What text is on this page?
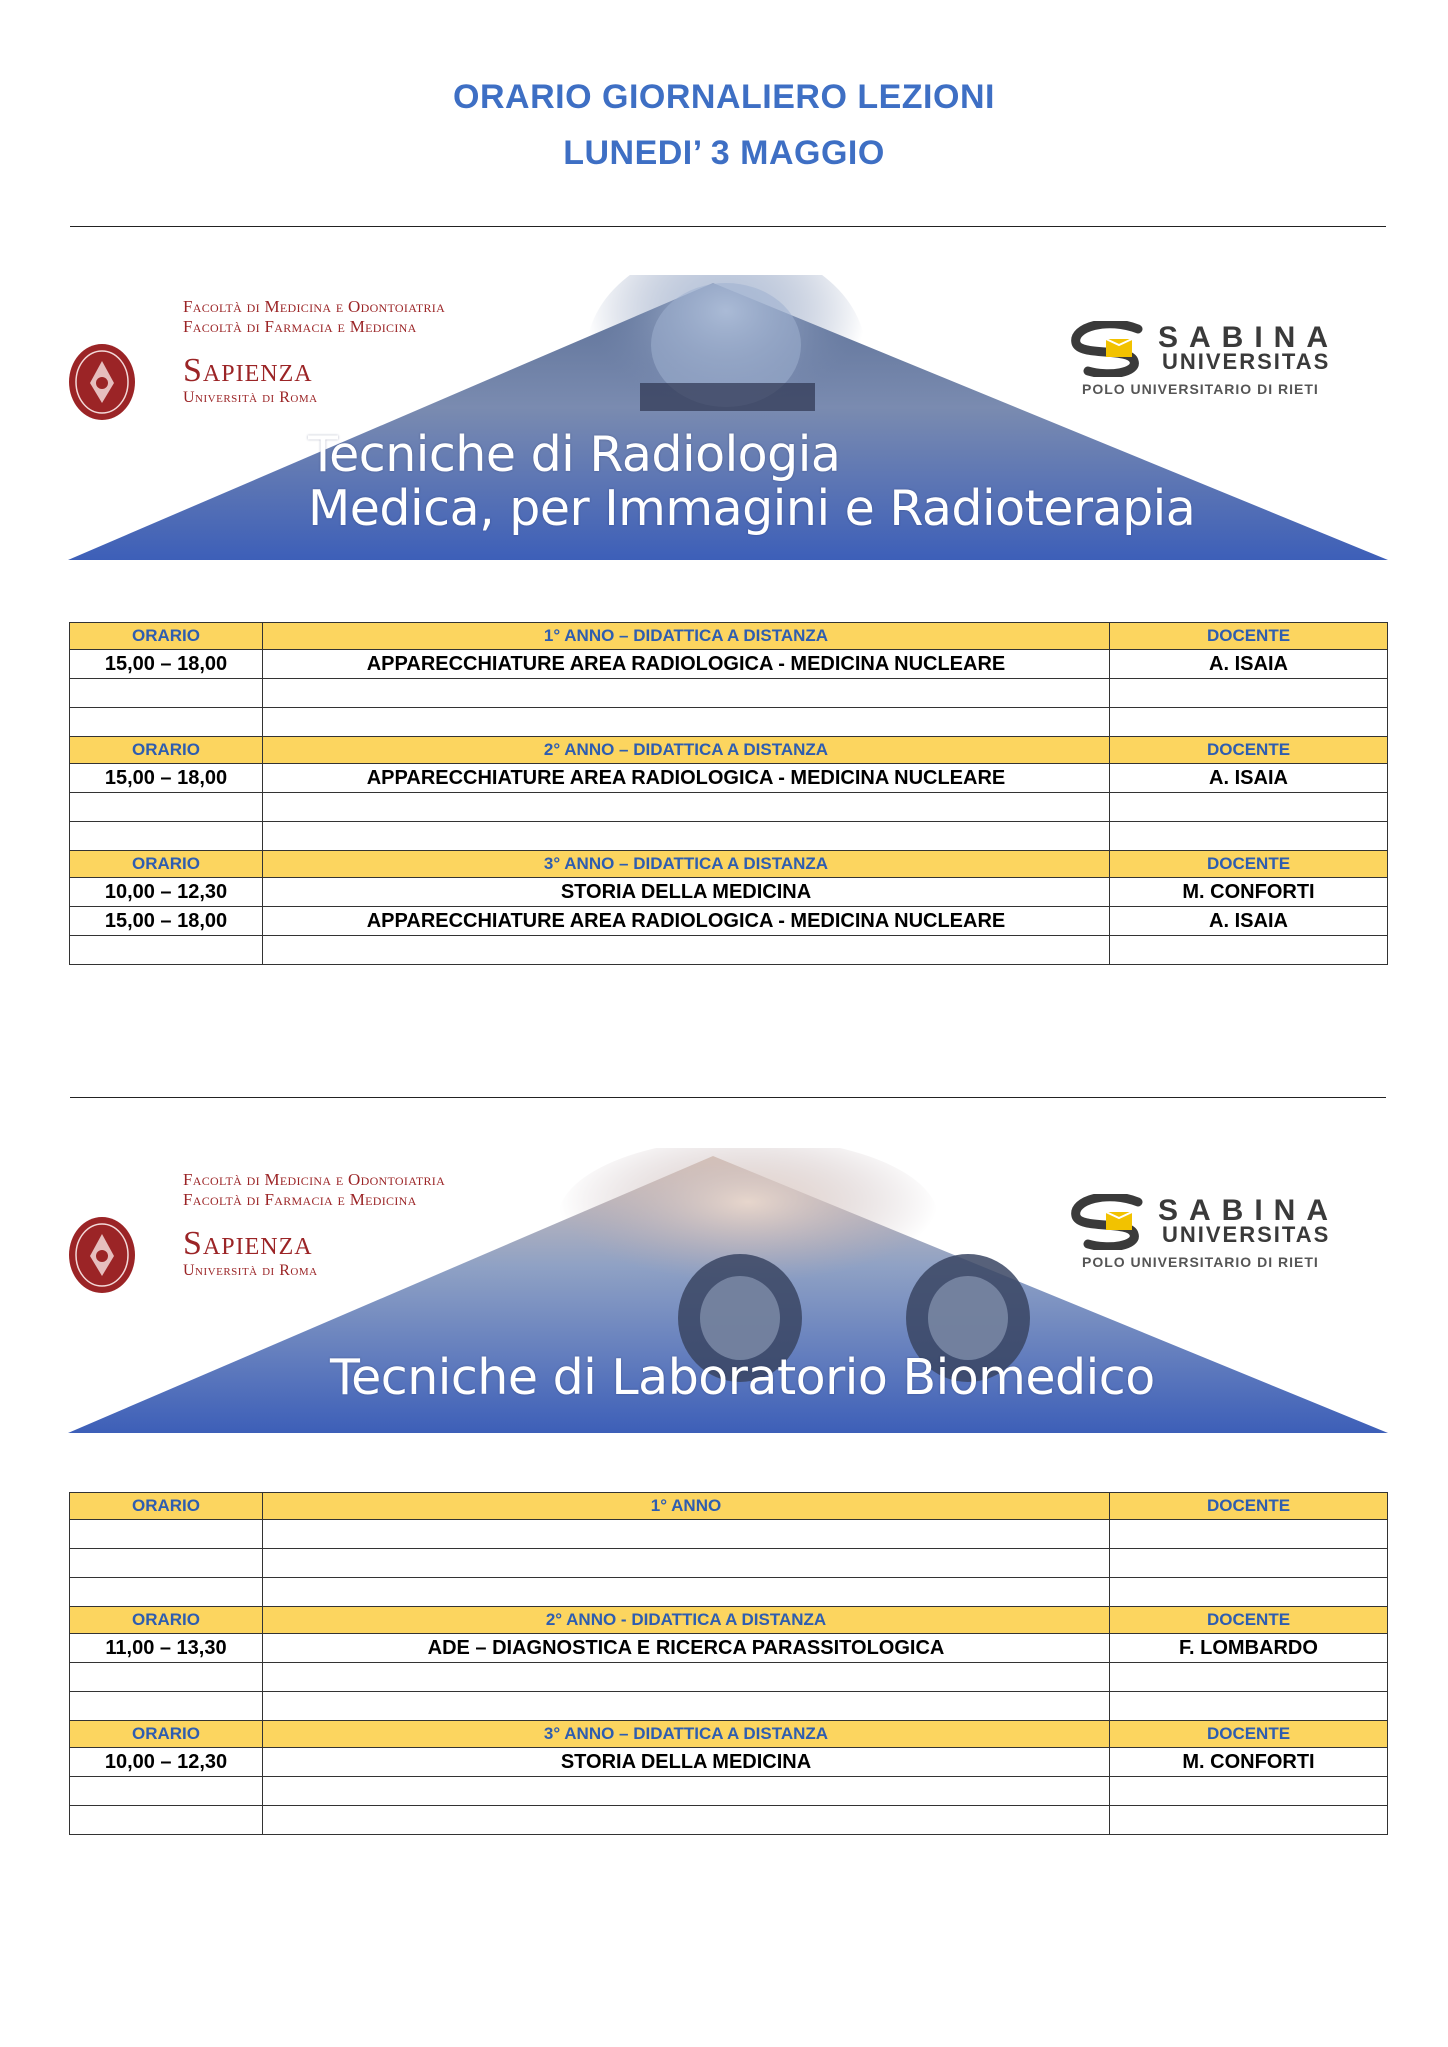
ORARIO GIORNALIERO LEZIONI
LUNEDI’ 3 MAGGIO
Facoltà di Medicina e Odontoiatria
Facoltà di Farmacia e Medicina
Sapienza
Università di Roma
SABINA
UNIVERSITAS
POLO UNIVERSITARIO DI RIETI
Tecniche di Radiologia
Medica, per Immagini e Radioterapia
ORARIO	1° ANNO – DIDATTICA A DISTANZA	DOCENTE
15,00 – 18,00	APPARECCHIATURE AREA RADIOLOGICA - MEDICINA NUCLEARE	A. ISAIA

ORARIO	2° ANNO – DIDATTICA A DISTANZA	DOCENTE
15,00 – 18,00	APPARECCHIATURE AREA RADIOLOGICA - MEDICINA NUCLEARE	A. ISAIA

ORARIO	3° ANNO – DIDATTICA A DISTANZA	DOCENTE
10,00 – 12,30	STORIA DELLA MEDICINA	M. CONFORTI
15,00 – 18,00	APPARECCHIATURE AREA RADIOLOGICA - MEDICINA NUCLEARE	A. ISAIA

Facoltà di Medicina e Odontoiatria
Facoltà di Farmacia e Medicina
Sapienza
Università di Roma
SABINA
UNIVERSITAS
POLO UNIVERSITARIO DI RIETI
Tecniche di Laboratorio Biomedico
ORARIO	1° ANNO	DOCENTE

ORARIO	2° ANNO - DIDATTICA A DISTANZA	DOCENTE
11,00 – 13,30	ADE – DIAGNOSTICA E RICERCA PARASSITOLOGICA	F. LOMBARDO

ORARIO	3° ANNO – DIDATTICA A DISTANZA	DOCENTE
10,00 – 12,30	STORIA DELLA MEDICINA	M. CONFORTI
